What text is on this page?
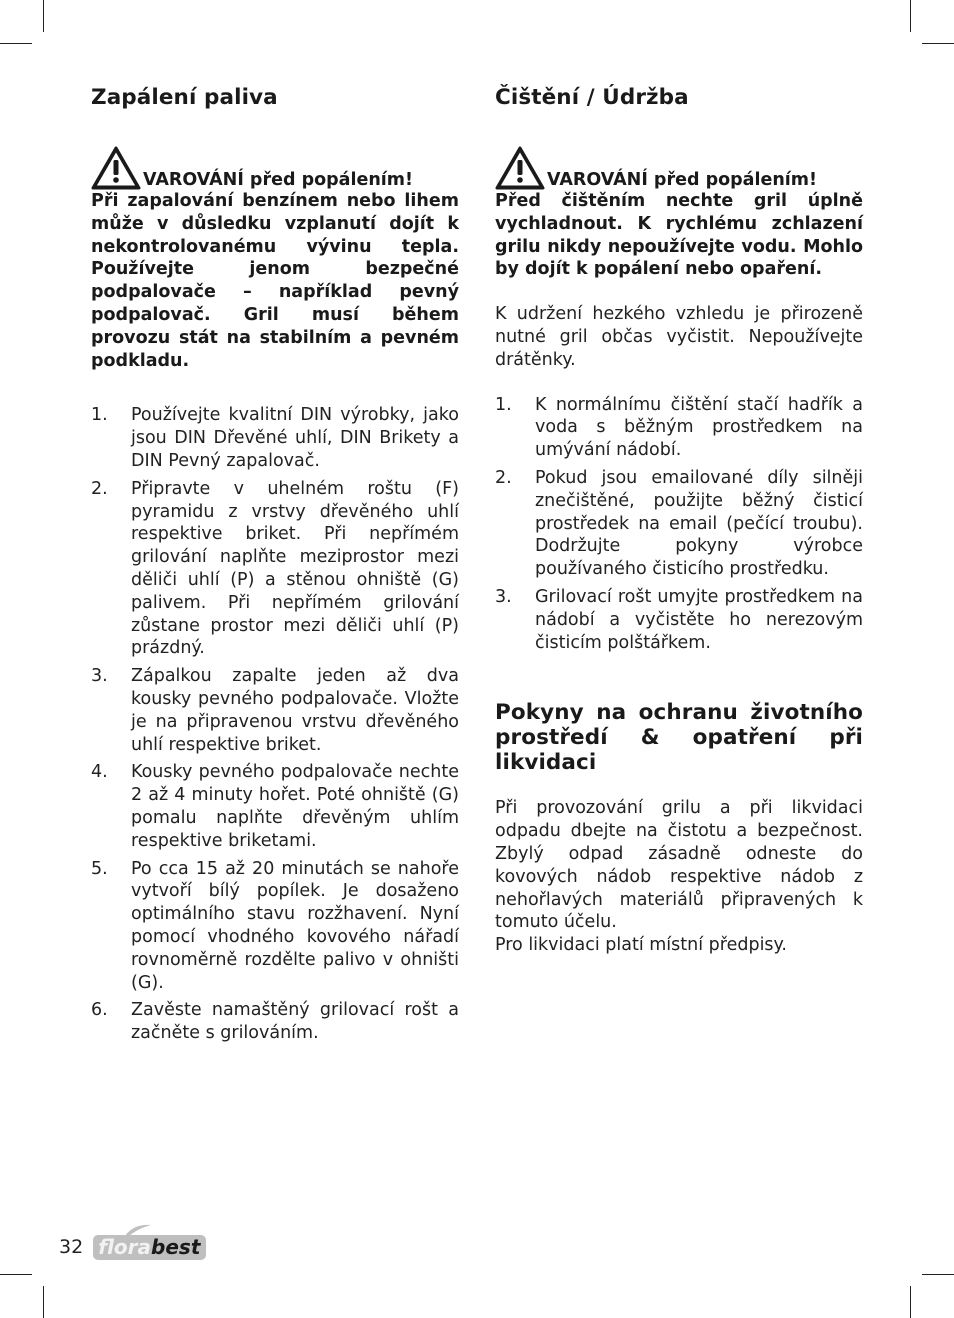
Zapálení paliva
VAROVÁNÍ před popálením!

Při zapalování benzínem nebo lihem může v důsledku vzplanutí dojít k nekontrolovanému vývinu tepla. Používejte jenom bezpečné podpalovače – například pevný podpalovač. Gril musí během provozu stát na stabilním a pevném podkladu.

1. Používejte kvalitní DIN výrobky, jako jsou DIN Dřevěné uhlí, DIN Brikety a DIN Pevný zapalovač.
2. Připravte v uhelném roštu (F) pyramidu z vrstvy dřevěného uhlí respektive briket. Při nepřímém grilování naplňte meziprostor mezi děliči uhlí (P) a stěnou ohniště (G) palivem. Při nepřímém grilování zůstane prostor mezi děliči uhlí (P) prázdný.
3. Zápalkou zapalte jeden až dva kousky pevného podpalovače. Vložte je na připravenou vrstvu dřevěného uhlí respektive briket.
4. Kousky pevného podpalovače nechte 2 až 4 minuty hořet. Poté ohniště (G) pomalu naplňte dřevěným uhlím respektive briketami.
5. Po cca 15 až 20 minutách se nahoře vytvoří bílý popílek. Je dosaženo optimálního stavu rozžhavení. Nyní pomocí vhodného kovového nářadí rovnoměrně rozdělte palivo v ohništi (G).
6. Zavěste namaštěný grilovací rošt a začněte s grilováním.
Čištění / Údržba
VAROVÁNÍ před popálením!

Před čištěním nechte gril úplně vychladnout. K rychlému zchlazení grilu nikdy nepoužívejte vodu. Mohlo by dojít k popálení nebo opaření.

K udržení hezkého vzhledu je přirozeně nutné gril občas vyčistit. Nepoužívejte drátěnky.

1. K normálnímu čištění stačí hadřík a voda s běžným prostředkem na umývání nádobí.
2. Pokud jsou emailované díly silněji znečištěné, použijte běžný čisticí prostředek na email (pečící troubu). Dodržujte pokyny výrobce používaného čisticího prostředku.
3. Grilovací rošt umyjte prostředkem na nádobí a vyčistěte ho nerezovým čisticím polštářkem.
Pokyny na ochranu životního prostředí & opatření při likvidaci

Při provozování grilu a při likvidaci odpadu dbejte na čistotu a bezpečnost. Zbylý odpad zásadně odneste do kovových nádob respektive nádob z nehořlavých materiálů připravených k tomuto účelu.

Pro likvidaci platí místní předpisy.

32 florabest
